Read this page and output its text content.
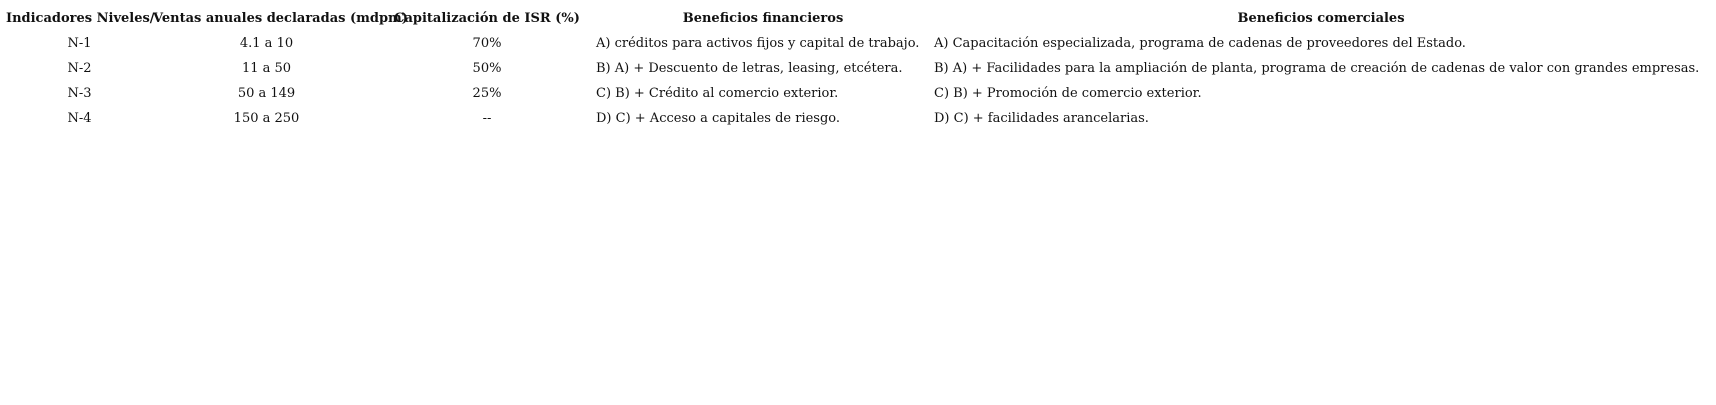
Indicadores Niveles/	Ventas anuales declaradas (mdpm)	Capitalización de ISR (%)	Beneficios financieros	Beneficios comerciales
N-1	4.1 a 10	70%	A) créditos para activos fijos y capital de trabajo.	A) Capacitación especializada, programa de cadenas de proveedores del Estado.
N-2	11 a 50	50%	B) A) + Descuento de letras, leasing, etcétera.	B) A) + Facilidades para la ampliación de planta, programa de creación de cadenas de valor con grandes empresas.
N-3	50 a 149	25%	C) B) + Crédito al comercio exterior.	C) B) + Promoción de comercio exterior.
N-4	150 a 250	--	D) C) + Acceso a capitales de riesgo.	D) C) + facilidades arancelarias.
